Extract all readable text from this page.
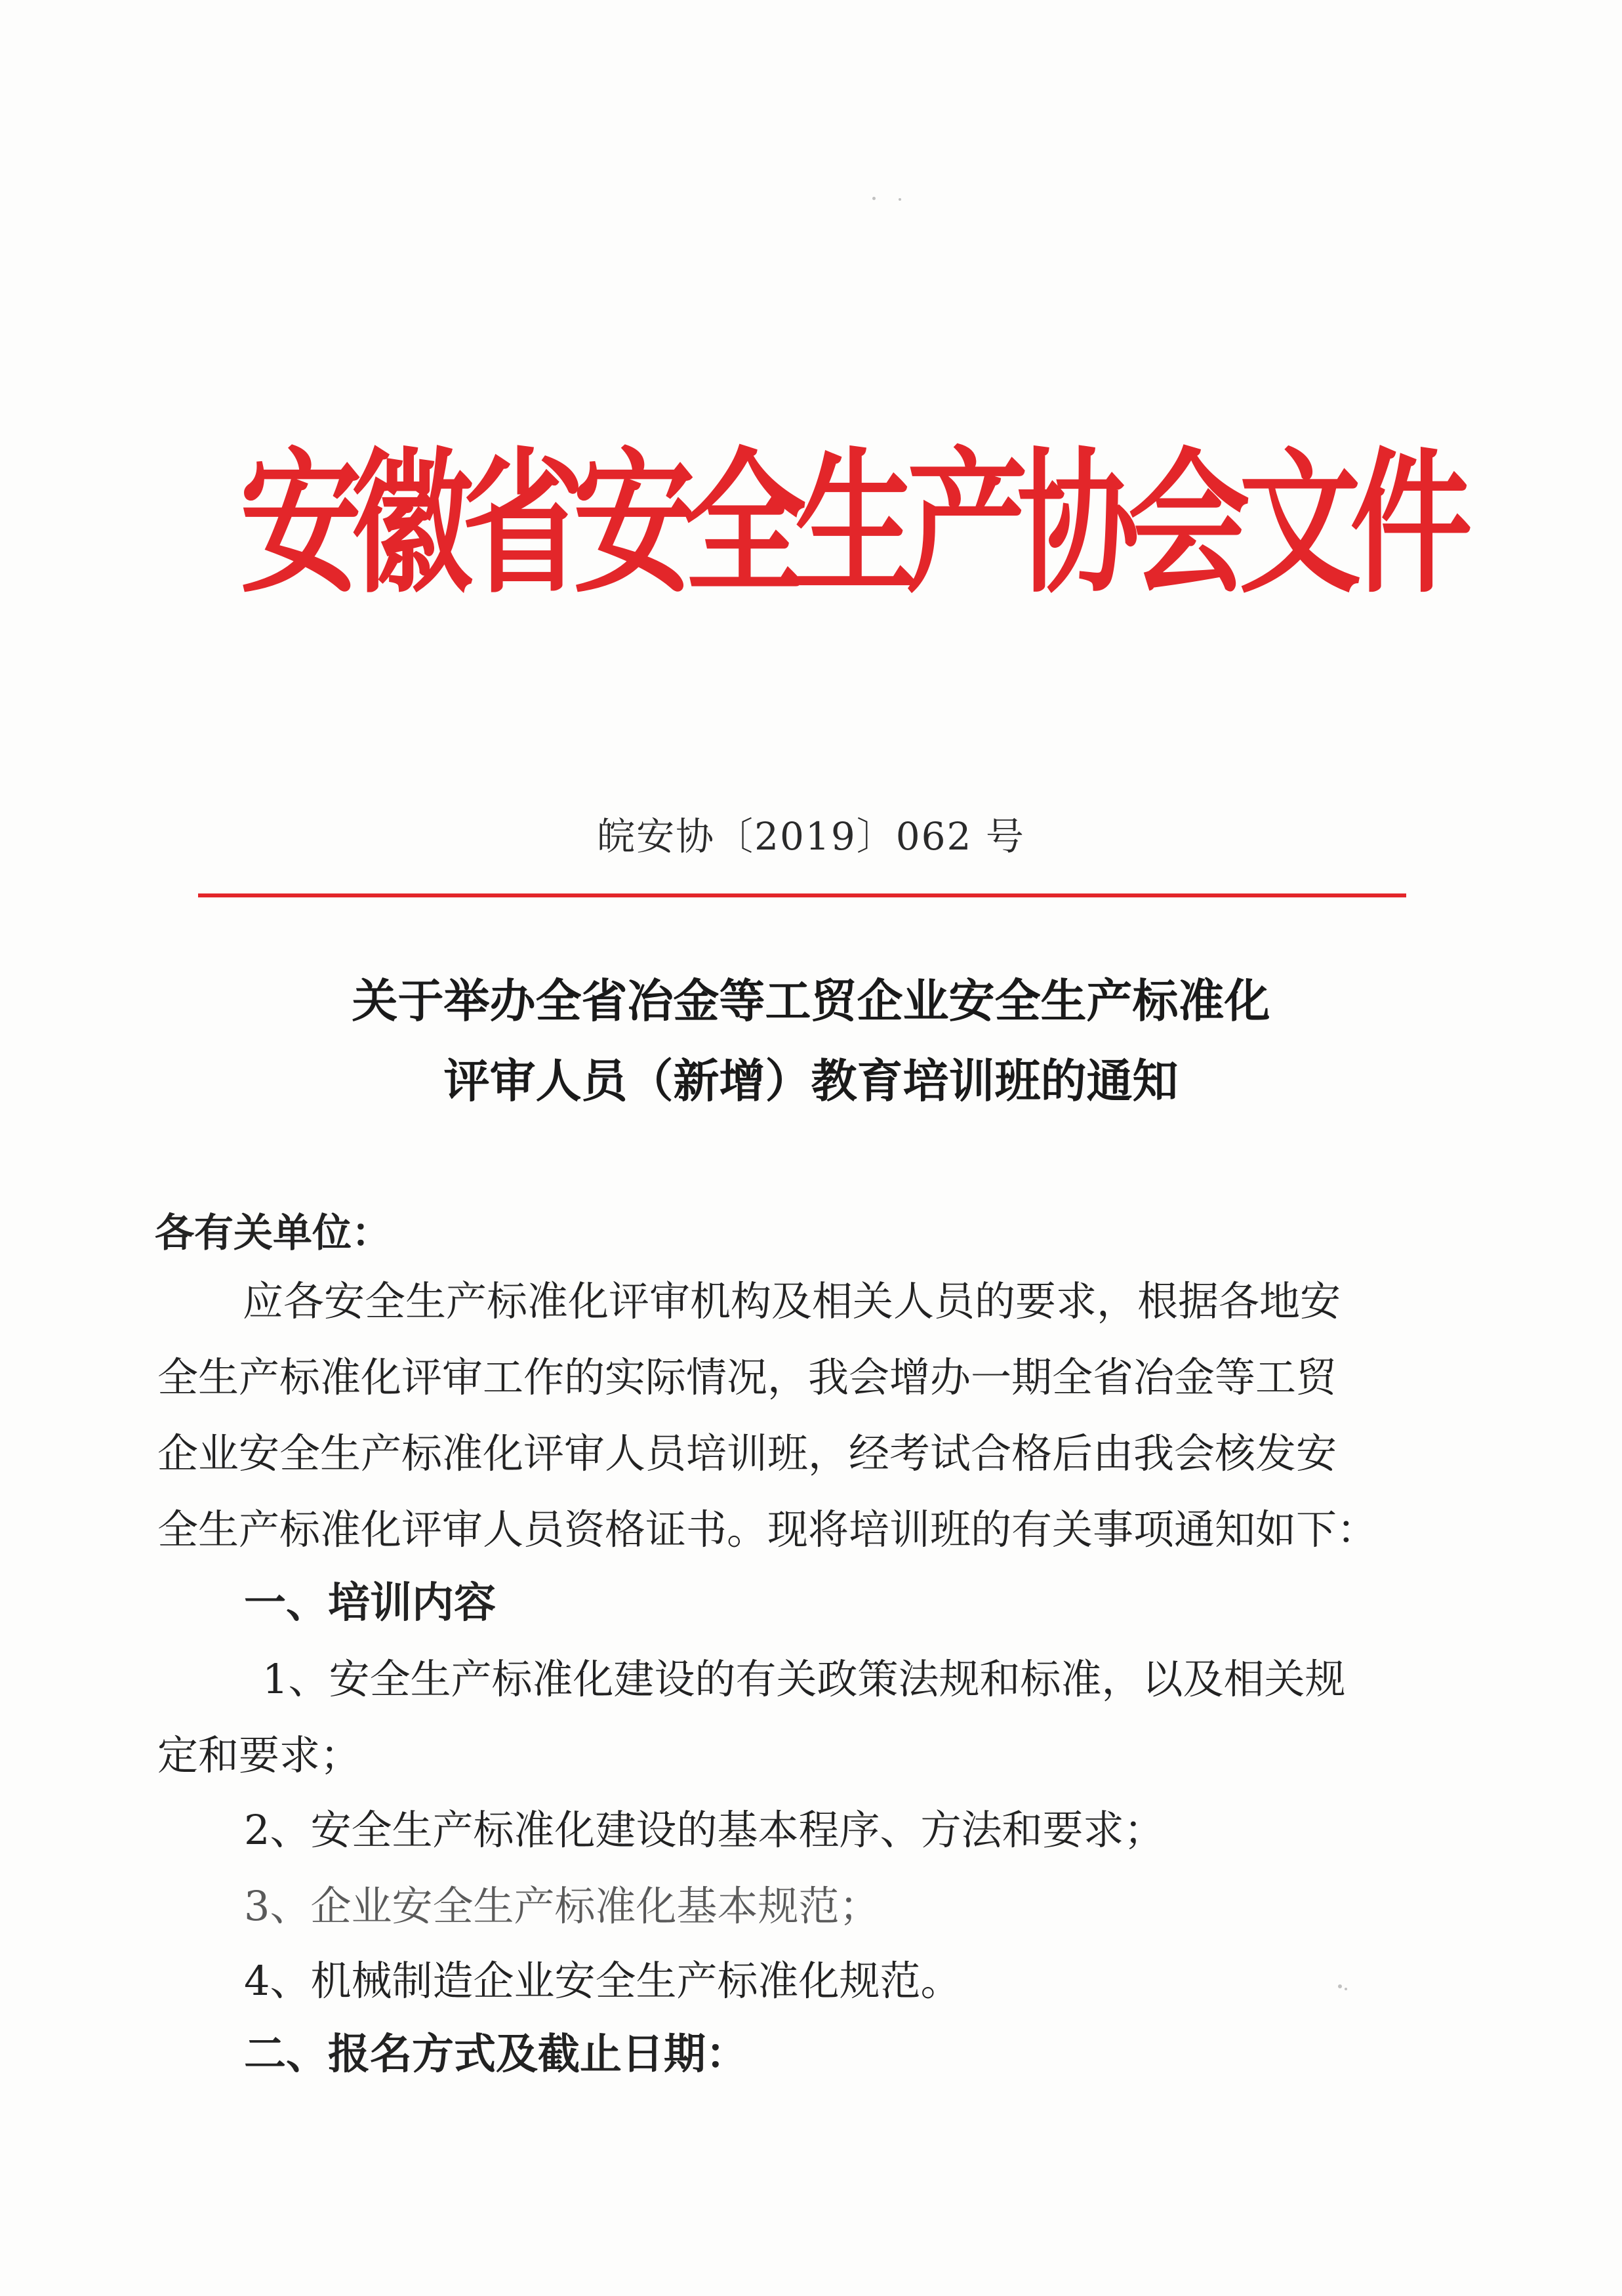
安徽省安全生产协会文件
皖安协〔2019〕062 号
关于举办全省冶金等工贸企业安全生产标准化
评审人员（新增）教育培训班的通知
各有关单位：
应各安全生产标准化评审机构及相关人员的要求，根据各地安
全生产标准化评审工作的实际情况，我会增办一期全省冶金等工贸
企业安全生产标准化评审人员培训班，经考试合格后由我会核发安
全生产标准化评审人员资格证书。现将培训班的有关事项通知如下：
一、培训内容
1、安全生产标准化建设的有关政策法规和标准，以及相关规
定和要求；
2、安全生产标准化建设的基本程序、方法和要求；
3、企业安全生产标准化基本规范；
4、机械制造企业安全生产标准化规范。
二、报名方式及截止日期：
